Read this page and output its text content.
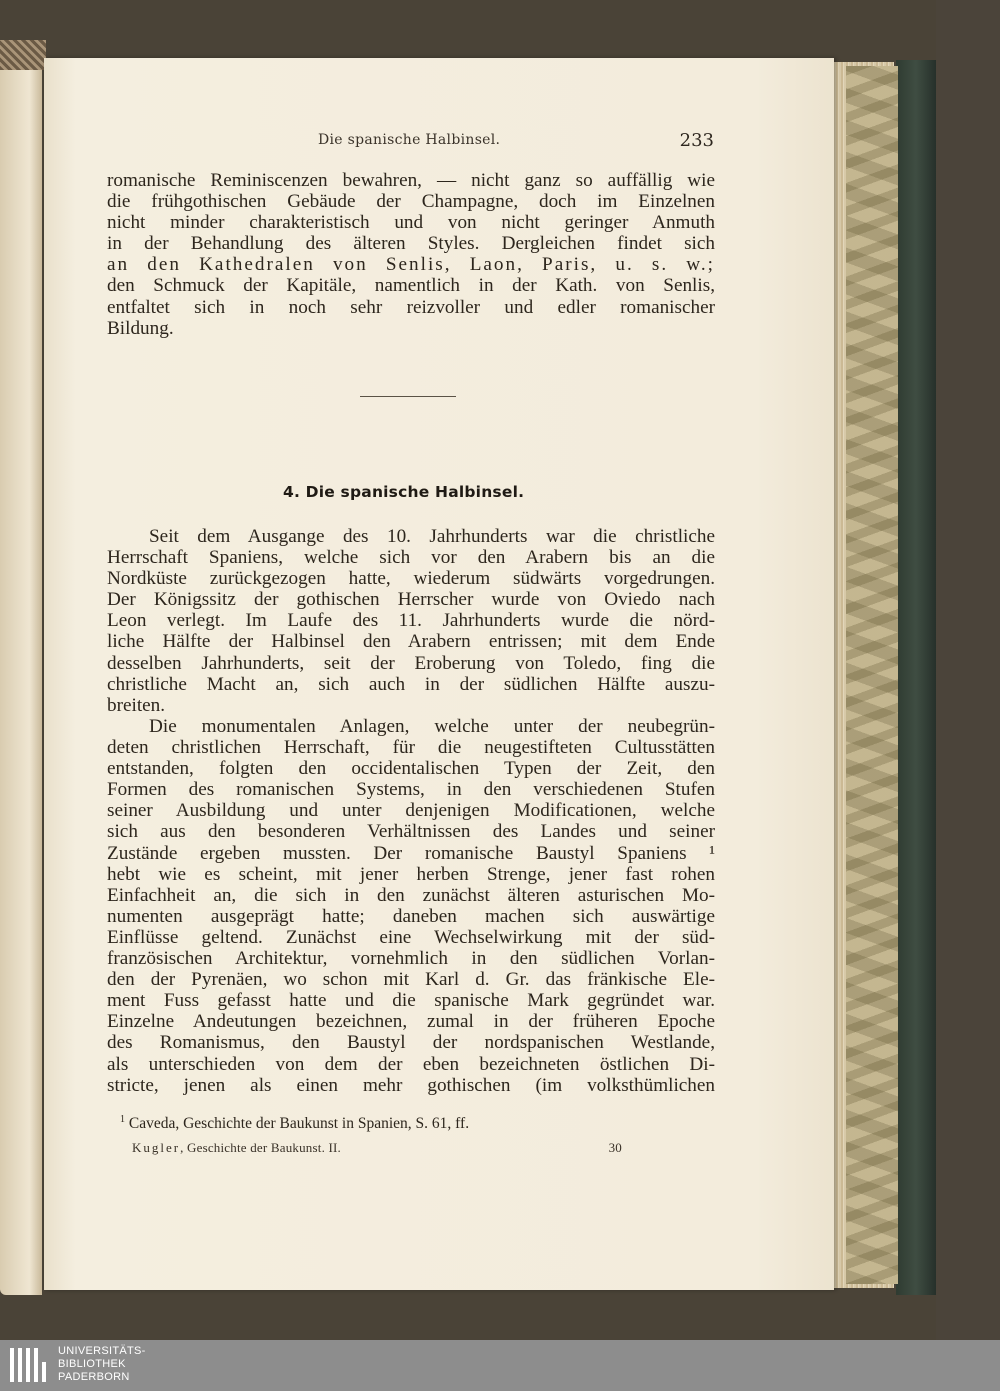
Die spanische Halbinsel.	233
romanische Reminiscenzen bewahren, — nicht ganz so auffällig wie
die frühgothischen Gebäude der Champagne, doch im Einzelnen
nicht minder charakteristisch und von nicht geringer Anmuth
in der Behandlung des älteren Styles. Dergleichen findet sich
an den Kathedralen von Senlis, Laon, Paris, u. s. w.;
den Schmuck der Kapitäle, namentlich in der Kath. von Senlis,
entfaltet sich in noch sehr reizvoller und edler romanischer
Bildung.
4. Die spanische Halbinsel.
Seit dem Ausgange des 10. Jahrhunderts war die christliche
Herrschaft Spaniens, welche sich vor den Arabern bis an die
Nordküste zurückgezogen hatte, wiederum südwärts vorgedrungen.
Der Königssitz der gothischen Herrscher wurde von Oviedo nach
Leon verlegt. Im Laufe des 11. Jahrhunderts wurde die nörd-
liche Hälfte der Halbinsel den Arabern entrissen; mit dem Ende
desselben Jahrhunderts, seit der Eroberung von Toledo, fing die
christliche Macht an, sich auch in der südlichen Hälfte auszu-
breiten.
Die monumentalen Anlagen, welche unter der neubegrün-
deten christlichen Herrschaft, für die neugestifteten Cultusstätten
entstanden, folgten den occidentalischen Typen der Zeit, den
Formen des romanischen Systems, in den verschiedenen Stufen
seiner Ausbildung und unter denjenigen Modificationen, welche
sich aus den besonderen Verhältnissen des Landes und seiner
Zustände ergeben mussten. Der romanische Baustyl Spaniens ¹
hebt wie es scheint, mit jener herben Strenge, jener fast rohen
Einfachheit an, die sich in den zunächst älteren asturischen Mo-
numenten ausgeprägt hatte; daneben machen sich auswärtige
Einflüsse geltend. Zunächst eine Wechselwirkung mit der süd-
französischen Architektur, vornehmlich in den südlichen Vorlan-
den der Pyrenäen, wo schon mit Karl d. Gr. das fränkische Ele-
ment Fuss gefasst hatte und die spanische Mark gegründet war.
Einzelne Andeutungen bezeichnen, zumal in der früheren Epoche
des Romanismus, den Baustyl der nordspanischen Westlande,
als unterschieden von dem der eben bezeichneten östlichen Di-
stricte, jenen als einen mehr gothischen (im volksthümlichen
$^1$ Caveda, Geschichte der Baukunst in Spanien, S. 61, ff.
Kugler, Geschichte der Baukunst. II.	30
UNIVERSITÄTS-
BIBLIOTHEK
PADERBORN
